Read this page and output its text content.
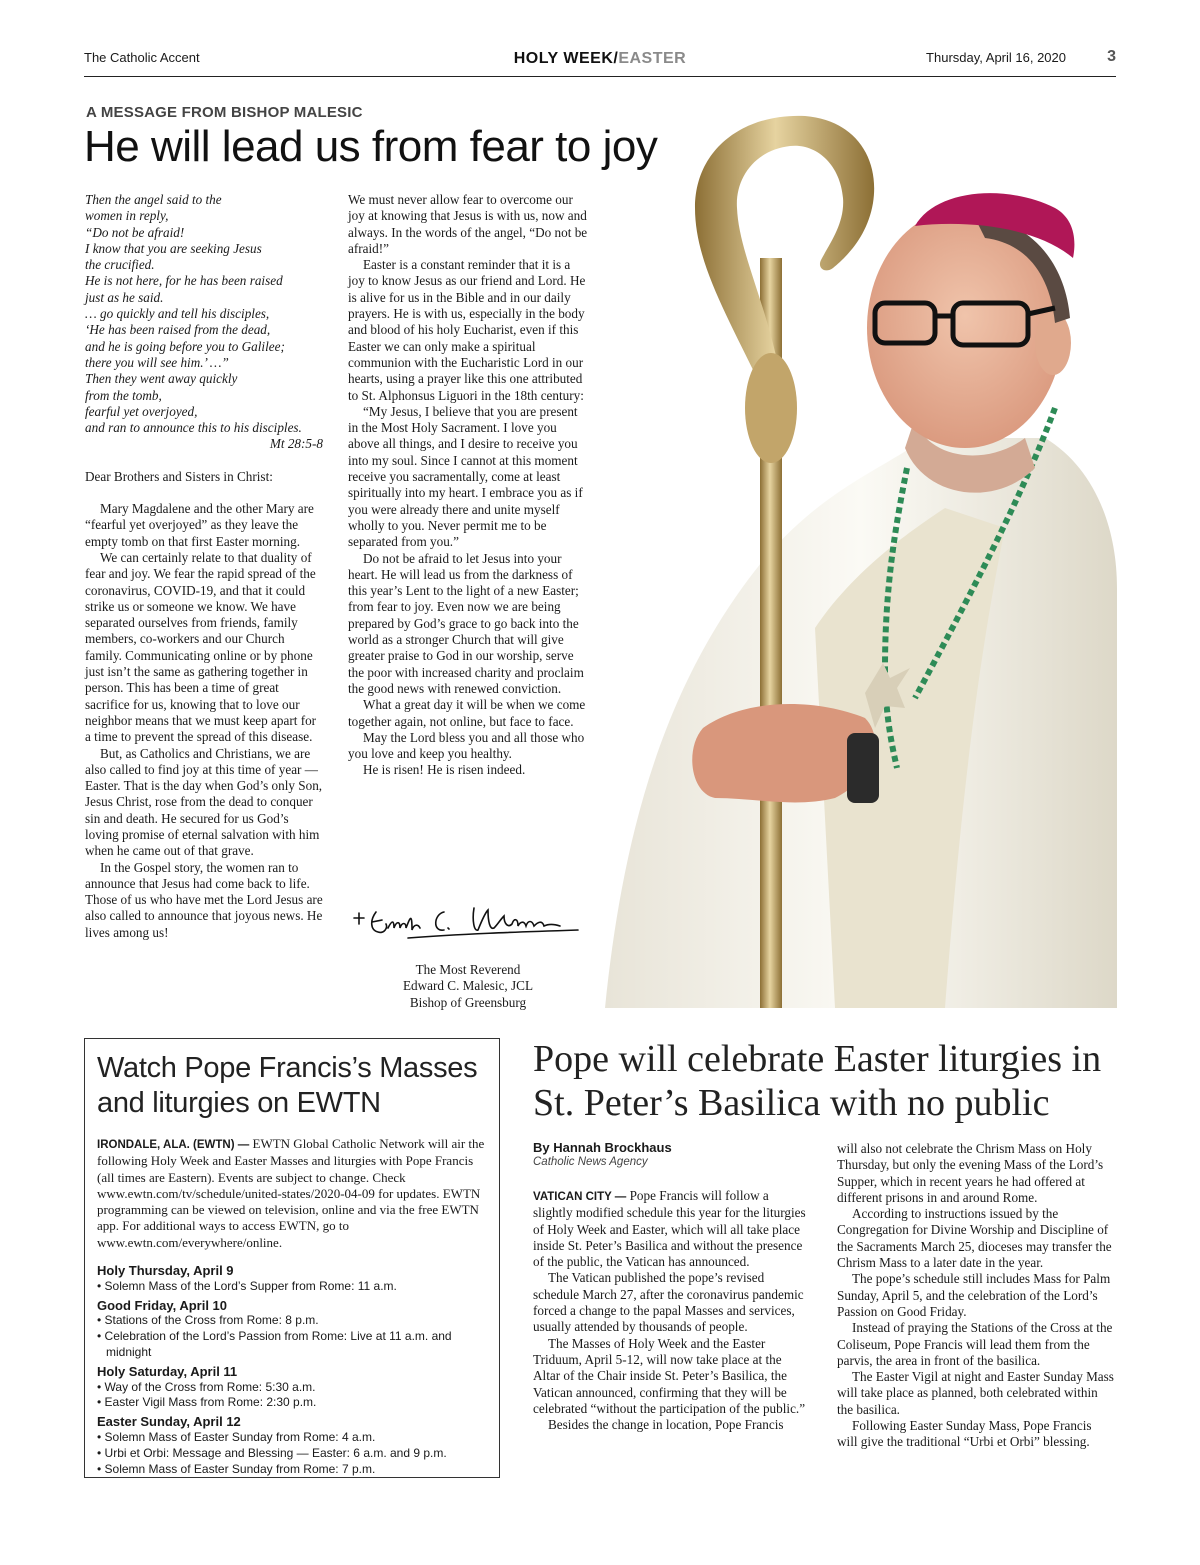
The Catholic Accent	HOLY WEEK/EASTER	Thursday, April 16, 2020	3
A MESSAGE FROM BISHOP MALESIC
He will lead us from fear to joy

Then the angel said to the

women in reply,

“Do not be afraid!

I know that you are seeking Jesus

the crucified.

He is not here, for he has been raised

just as he said.

… go quickly and tell his disciples,

‘He has been raised from the dead,

and he is going before you to Galilee;

there you will see him.’ …”

Then they went away quickly

from the tomb,

fearful yet overjoyed,

and ran to announce this to his disciples.

Mt 28:5-8

Dear Brothers and Sisters in Christ:

Mary Magdalene and the other Mary are “fearful yet overjoyed” as they leave the empty tomb on that first Easter morning.

We can certainly relate to that duality of fear and joy. We fear the rapid spread of the coronavirus, COVID-19, and that it could strike us or someone we know. We have separated ourselves from friends, family members, co-workers and our Church family. Communicating online or by phone just isn’t the same as gathering together in person. This has been a time of great sacrifice for us, knowing that to love our neighbor means that we must keep apart for a time to prevent the spread of this disease.

But, as Catholics and Christians, we are also called to find joy at this time of year — Easter. That is the day when God’s only Son, Jesus Christ, rose from the dead to conquer sin and death. He secured for us God’s loving promise of eternal salvation with him when he came out of that grave.

In the Gospel story, the women ran to announce that Jesus had come back to life. Those of us who have met the Lord Jesus are also called to announce that joyous news. He lives among us!

We must never allow fear to overcome our joy at knowing that Jesus is with us, now and always. In the words of the angel, “Do not be afraid!”

Easter is a constant reminder that it is a joy to know Jesus as our friend and Lord. He is alive for us in the Bible and in our daily prayers. He is with us, especially in the body and blood of his holy Eucharist, even if this Easter we can only make a spiritual communion with the Eucharistic Lord in our hearts, using a prayer like this one attributed to St. Alphonsus Liguori in the 18th century:

“My Jesus, I believe that you are present in the Most Holy Sacrament. I love you above all things, and I desire to receive you into my soul. Since I cannot at this moment receive you sacramentally, come at least spiritually into my heart. I embrace you as if you were already there and unite myself wholly to you. Never permit me to be separated from you.”

Do not be afraid to let Jesus into your heart. He will lead us from the darkness of this year’s Lent to the light of a new Easter; from fear to joy. Even now we are being prepared by God’s grace to go back into the world as a stronger Church that will give greater praise to God in our worship, serve the poor with increased charity and proclaim the good news with renewed conviction.

What a great day it will be when we come together again, not online, but face to face.

May the Lord bless you and all those who you love and keep you healthy.

He is risen! He is risen indeed.

The Most Reverend
Edward C. Malesic, JCL
Bishop of Greensburg
Watch Pope Francis’s Masses and liturgies on EWTN
IRONDALE, ALA. (EWTN) — EWTN Global Catholic Network will air the following Holy Week and Easter Masses and liturgies with Pope Francis (all times are Eastern). Events are subject to change. Check www.ewtn.com/tv/schedule/united-states/2020-04-09 for updates. EWTN programming can be viewed on television, online and via the free EWTN app. For additional ways to access EWTN, go to www.ewtn.com/everywhere/online.
Holy Thursday, April 9
• Solemn Mass of the Lord’s Supper from Rome: 11 a.m.
Good Friday, April 10
• Stations of the Cross from Rome: 8 p.m.
• Celebration of the Lord’s Passion from Rome: Live at 11 a.m. and midnight
Holy Saturday, April 11
• Way of the Cross from Rome: 5:30 a.m.
• Easter Vigil Mass from Rome: 2:30 p.m.
Easter Sunday, April 12
• Solemn Mass of Easter Sunday from Rome: 4 a.m.
• Urbi et Orbi: Message and Blessing — Easter: 6 a.m. and 9 p.m.
• Solemn Mass of Easter Sunday from Rome: 7 p.m.
Pope will celebrate Easter liturgies in St. Peter’s Basilica with no public
By Hannah Brockhaus
Catholic News Agency

VATICAN CITY — Pope Francis will follow a slightly modified schedule this year for the liturgies of Holy Week and Easter, which will all take place inside St. Peter’s Basilica and without the presence of the public, the Vatican has announced.

The Vatican published the pope’s revised schedule March 27, after the coronavirus pandemic forced a change to the papal Masses and services, usually attended by thousands of people.

The Masses of Holy Week and the Easter Triduum, April 5-12, will now take place at the Altar of the Chair inside St. Peter’s Basilica, the Vatican announced, confirming that they will be celebrated “without the participation of the public.”

Besides the change in location, Pope Francis

will also not celebrate the Chrism Mass on Holy Thursday, but only the evening Mass of the Lord’s Supper, which in recent years he had offered at different prisons in and around Rome.

According to instructions issued by the Congregation for Divine Worship and Discipline of the Sacraments March 25, dioceses may transfer the Chrism Mass to a later date in the year.

The pope’s schedule still includes Mass for Palm Sunday, April 5, and the celebration of the Lord’s Passion on Good Friday.

Instead of praying the Stations of the Cross at the Coliseum, Pope Francis will lead them from the parvis, the area in front of the basilica.

The Easter Vigil at night and Easter Sunday Mass will take place as planned, both celebrated within the basilica.

Following Easter Sunday Mass, Pope Francis will give the traditional “Urbi et Orbi” blessing.
